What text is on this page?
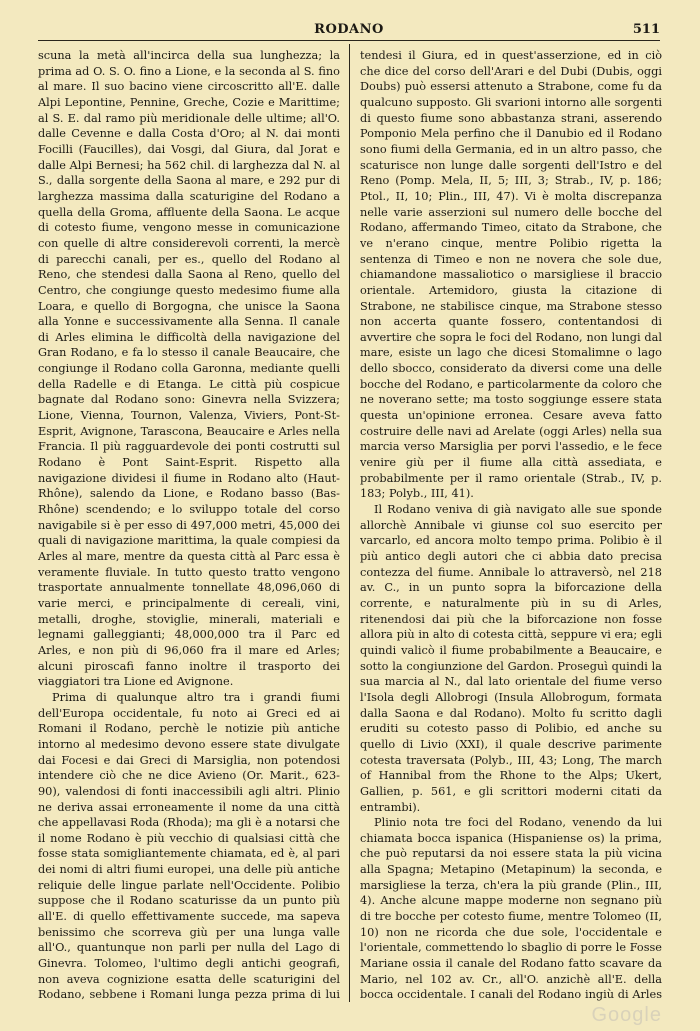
RODANO	511

scuna la metà all'incirca della sua lunghezza; la prima ad O. S. O. fino a Lione, e la seconda al S. fino al mare. Il suo bacino viene circoscritto all'E. dalle Alpi Lepontine, Pennine, Greche, Cozie e Marittime; al S. E. dal ramo più meridionale delle ultime; all'O. dalle Cevenne e dalla Costa d'Oro; al N. dai monti Focilli (Faucilles), dai Vosgi, dal Giura, dal Jorat e dalle Alpi Bernesi; ha 562 chil. di larghezza dal N. al S., dalla sorgente della Saona al mare, e 292 pur di larghezza massima dalla scaturigine del Rodano a quella della Groma, affluente della Saona. Le acque di cotesto fiume, vengono messe in comunicazione con quelle di altre considerevoli correnti, la mercè di parecchi canali, per es., quello del Rodano al Reno, che stendesi dalla Saona al Reno, quello del Centro, che congiunge questo medesimo fiume alla Loara, e quello di Borgogna, che unisce la Saona alla Yonne e successivamente alla Senna. Il canale di Arles elimina le difficoltà della navigazione del Gran Rodano, e fa lo stesso il canale Beaucaire, che congiunge il Rodano colla Garonna, mediante quelli della Radelle e di Etanga. Le città più cospicue bagnate dal Rodano sono: Ginevra nella Svizzera; Lione, Vienna, Tournon, Valenza, Viviers, Pont-St-Esprit, Avignone, Tarascona, Beaucaire e Arles nella Francia. Il più ragguardevole dei ponti costrutti sul Rodano è Pont Saint-Esprit. Rispetto alla navigazione dividesi il fiume in Rodano alto (Haut-Rhône), salendo da Lione, e Rodano basso (Bas-Rhône) scendendo; e lo sviluppo totale del corso navigabile si è per esso di 497,000 metri, 45,000 dei quali di navigazione marittima, la quale compiesi da Arles al mare, mentre da questa città al Parc essa è veramente fluviale. In tutto questo tratto vengono trasportate annualmente tonnellate 48,096,060 di varie merci, e principalmente di cereali, vini, metalli, droghe, stoviglie, minerali, materiali e legnami galleggianti; 48,000,000 tra il Parc ed Arles, e non più di 96,060 fra il mare ed Arles; alcuni piroscafi fanno inoltre il trasporto dei viaggiatori tra Lione ed Avignone.

Prima di qualunque altro tra i grandi fiumi dell'Europa occidentale, fu noto ai Greci ed ai Romani il Rodano, perchè le notizie più antiche intorno al medesimo devono essere state divulgate dai Focesi e dai Greci di Marsiglia, non potendosi intendere ciò che ne dice Avieno (Or. Marit., 623-90), valendosi di fonti inaccessibili agli altri. Plinio ne deriva assai erroneamente il nome da una città che appellavasi Roda (Rhoda); ma gli è a notarsi che il nome Rodano è più vecchio di qualsiasi città che fosse stata somigliantemente chiamata, ed è, al pari dei nomi di altri fiumi europei, una delle più antiche reliquie delle lingue parlate nell'Occidente. Polibio suppose che il Rodano scaturisse da un punto più all'E. di quello effettivamente succede, ma sapeva benissimo che scorreva giù per una lunga valle all'O., quantunque non parli per nulla del Lago di Ginevra. Tolomeo, l'ultimo degli antichi geografi, non aveva cognizione esatta delle scaturigini del Rodano, sebbene i Romani lunga pezza prima di lui

tendesi il Giura, ed in quest'asserzione, ed in ciò che dice del corso dell'Arari e del Dubi (Dubis, oggi Doubs) può essersi attenuto a Strabone, come fu da qualcuno supposto. Gli svarioni intorno alle sorgenti di questo fiume sono abbastanza strani, asserendo Pomponio Mela perfino che il Danubio ed il Rodano sono fiumi della Germania, ed in un altro passo, che scaturisce non lunge dalle sorgenti dell'Istro e del Reno (Pomp. Mela, II, 5; III, 3; Strab., IV, p. 186; Ptol., II, 10; Plin., III, 47). Vi è molta discrepanza nelle varie asserzioni sul numero delle bocche del Rodano, affermando Timeo, citato da Strabone, che ve n'erano cinque, mentre Polibio rigetta la sentenza di Timeo e non ne novera che sole due, chiamandone massaliotico o marsigliese il braccio orientale. Artemidoro, giusta la citazione di Strabone, ne stabilisce cinque, ma Strabone stesso non accerta quante fossero, contentandosi di avvertire che sopra le foci del Rodano, non lungi dal mare, esiste un lago che dicesi Stomalimne o lago dello sbocco, considerato da diversi come una delle bocche del Rodano, e particolarmente da coloro che ne noverano sette; ma tosto soggiunge essere stata questa un'opinione erronea. Cesare aveva fatto costruire delle navi ad Arelate (oggi Arles) nella sua marcia verso Marsiglia per porvi l'assedio, e le fece venire giù per il fiume alla città assediata, e probabilmente per il ramo orientale (Strab., IV, p. 183; Polyb., III, 41).

Il Rodano veniva di già navigato alle sue sponde allorchè Annibale vi giunse col suo esercito per varcarlo, ed ancora molto tempo prima. Polibio è il più antico degli autori che ci abbia dato precisa contezza del fiume. Annibale lo attraversò, nel 218 av. C., in un punto sopra la biforcazione della corrente, e naturalmente più in su di Arles, ritenendosi dai più che la biforcazione non fosse allora più in alto di cotesta città, seppure vi era; egli quindi valicò il fiume probabilmente a Beaucaire, e sotto la congiunzione del Gardon. Proseguì quindi la sua marcia al N., dal lato orientale del fiume verso l'Isola degli Allobrogi (Insula Allobrogum, formata dalla Saona e dal Rodano). Molto fu scritto dagli eruditi su cotesto passo di Polibio, ed anche su quello di Livio (XXI), il quale descrive parimente cotesta traversata (Polyb., III, 43; Long, The march of Hannibal from the Rhone to the Alps; Ukert, Gallien, p. 561, e gli scrittori moderni citati da entrambi).

Plinio nota tre foci del Rodano, venendo da lui chiamata bocca ispanica (Hispaniense os) la prima, che può reputarsi da noi essere stata la più vicina alla Spagna; Metapino (Metapinum) la seconda, e marsigliese la terza, ch'era la più grande (Plin., III, 4). Anche alcune mappe moderne non segnano più di tre bocche per cotesto fiume, mentre Tolomeo (II, 10) non ne ricorda che due sole, l'occidentale e l'orientale, commettendo lo sbaglio di porre le Fosse Mariane ossia il canale del Rodano fatto scavare da Mario, nel 102 av. Cr., all'O. anzichè all'E. della bocca occidentale. I canali del Rodano ingiù di Arles

Google
